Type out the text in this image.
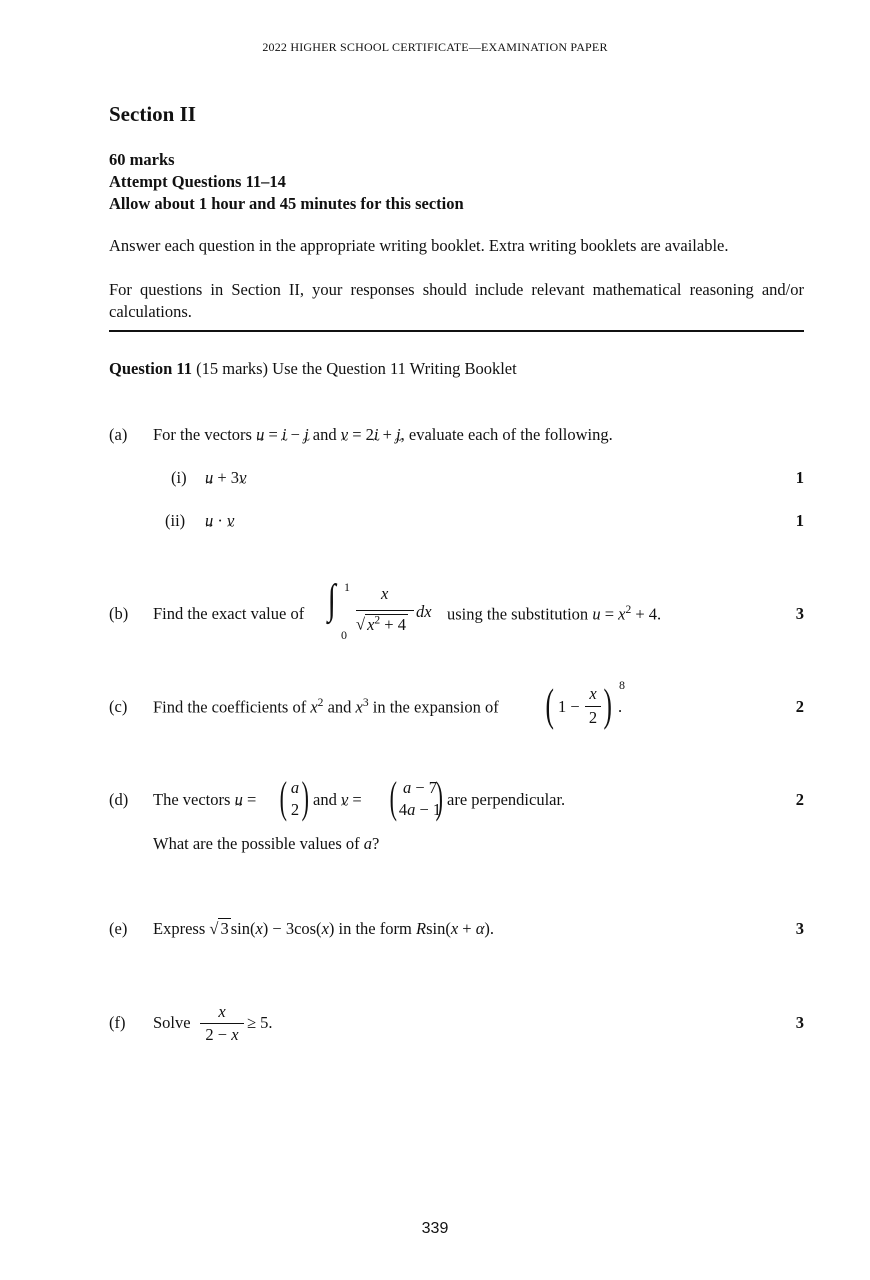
2022 HIGHER SCHOOL CERTIFICATE—EXAMINATION PAPER
Section II
60 marks
Attempt Questions 11–14
Allow about 1 hour and 45 minutes for this section
Answer each question in the appropriate writing booklet. Extra writing booklets are available.
For questions in Section II, your responses should include relevant mathematical reasoning and/or calculations.
Question 11 (15 marks) Use the Question 11 Writing Booklet
(a) For the vectors u ~ = i ~ − j ~ and v ~ = 2i ~ + j ~, evaluate each of the following.
(i) u ~ + 3v ~	1
(ii) u ~ · v ~	1
(b) Find the exact value of ∫ 1
0
x
√ $x^2 + 4$
dx using the substitution $u = x^2 + 4$.	3
(c) Find the coefficients of $x^2$ and $x^3$ in the expansion of ( 1 −
x
2 ) 8
.	2
(d) The vectors u ~ = ( a
2 ) and v ~ = ( a − 7
4a − 1
) are perpendicular.	2
What are the possible values of a?
(e) Express √ 3 sin(x) − 3cos(x) in the form Rsin(x + α).	3
(f) Solve
x
2 − x
≥ 5.	3
339
